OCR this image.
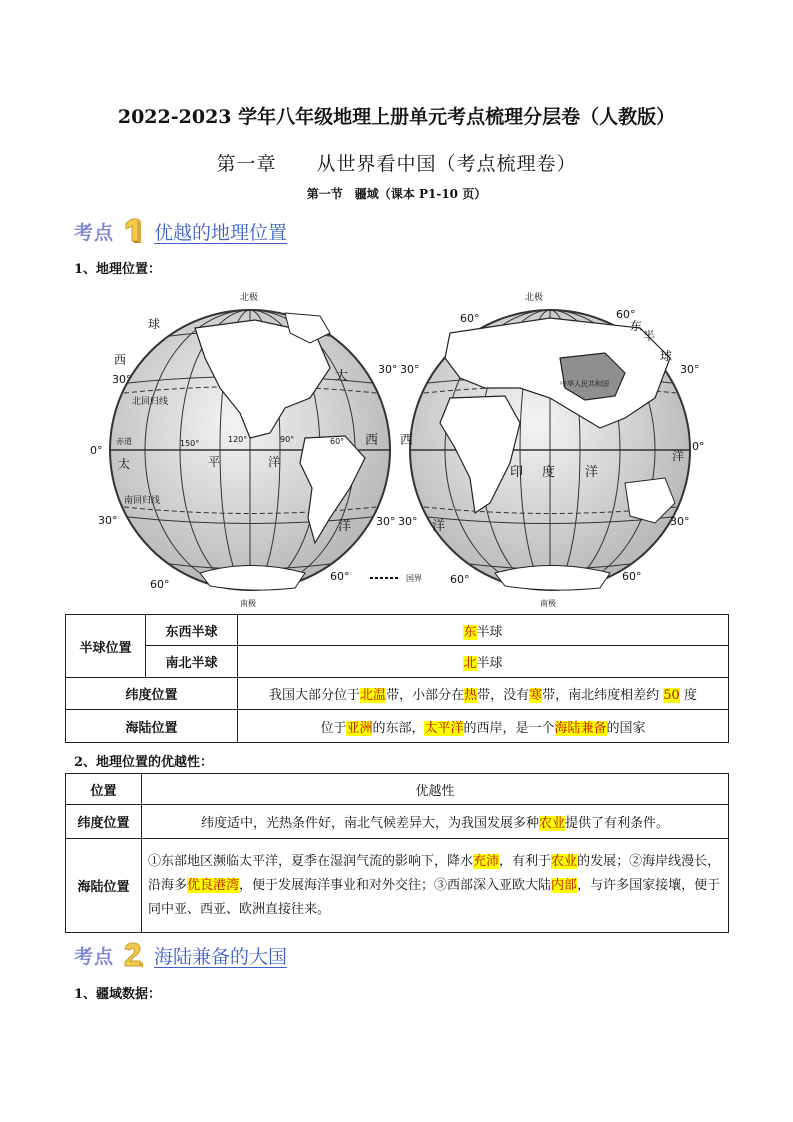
2022-2023 学年八年级地理上册单元考点梳理分层卷（人教版）
第一章　　从世界看中国（考点梳理卷）
第一节　疆域（课本 P1-10 页）
考点 优越的地理位置
1、地理位置：
北极	北极
南极	南极
30°
0°
30°
60°
60°
30°
30°
赤道	150°	120°	90°	60°
北回归线
南回归线
太	平	洋
大
西
洋
球
西
东
半
球
60°	60°
30°	30°
0°
30°	30°
60°	60°
印 度 洋
西
洋
洋
中华人民共和国
国界
半球位置	东西半球	东半球
	南北半球	北半球
纬度位置		我国大部分位于北温带，小部分在热带，没有寒带，南北纬度相差约 50 度
海陆位置		位于亚洲的东部，太平洋的西岸，是一个海陆兼备的国家
2、地理位置的优越性：
位置	优越性
纬度位置	纬度适中，光热条件好，南北气候差异大，为我国发展多种农业提供了有利条件。
海陆位置	①东部地区濒临太平洋，夏季在湿润气流的影响下，降水充沛，有利于农业的发展；②海岸线漫长，沿海多优良港湾，便于发展海洋事业和对外交往；③西部深入亚欧大陆内部，与许多国家接壤，便于同中亚、西亚、欧洲直接往来。
考点 海陆兼备的大国
1、疆域数据：
